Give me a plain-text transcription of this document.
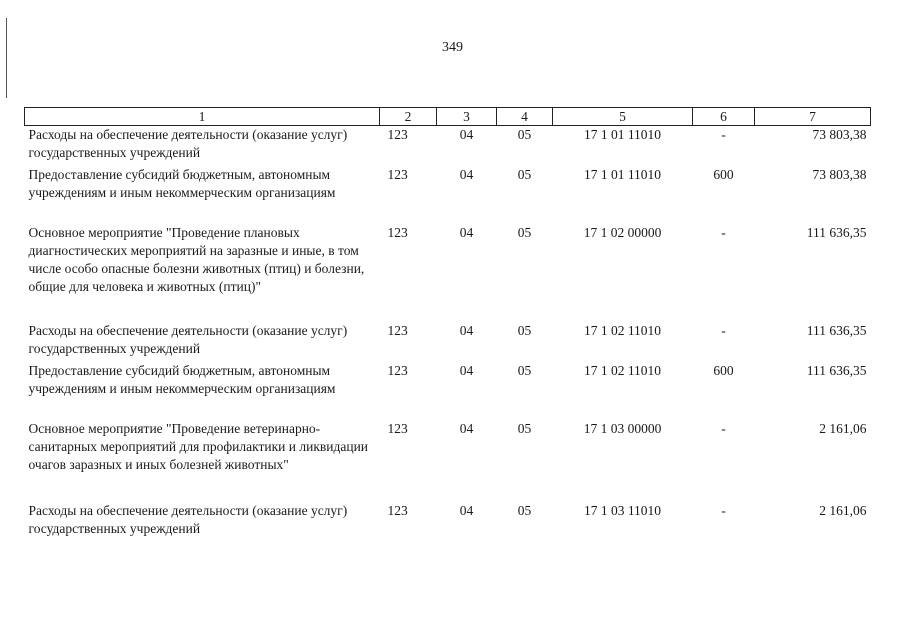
349
1	2	3	4	5	6	7
Расходы на обеспечение деятельности (оказание услуг) государственных учреждений	123	04	05	17 1 01 11010	-	73 803,38
Предоставление субсидий бюджетным, автономным учреждениям и иным некоммерческим организациям	123	04	05	17 1 01 11010	600	73 803,38
Основное мероприятие "Проведение плановых диагностических мероприятий на заразные и иные, в том числе особо опасные болезни животных (птиц) и болезни, общие для человека и животных (птиц)"	123	04	05	17 1 02 00000	-	111 636,35
Расходы на обеспечение деятельности (оказание услуг) государственных учреждений	123	04	05	17 1 02 11010	-	111 636,35
Предоставление субсидий бюджетным, автономным учреждениям и иным некоммерческим организациям	123	04	05	17 1 02 11010	600	111 636,35
Основное мероприятие "Проведение ветеринарно-санитарных мероприятий для профилактики и ликвидации очагов заразных и иных болезней животных"	123	04	05	17 1 03 00000	-	2 161,06
Расходы на обеспечение деятельности (оказание услуг) государственных учреждений	123	04	05	17 1 03 11010	-	2 161,06
